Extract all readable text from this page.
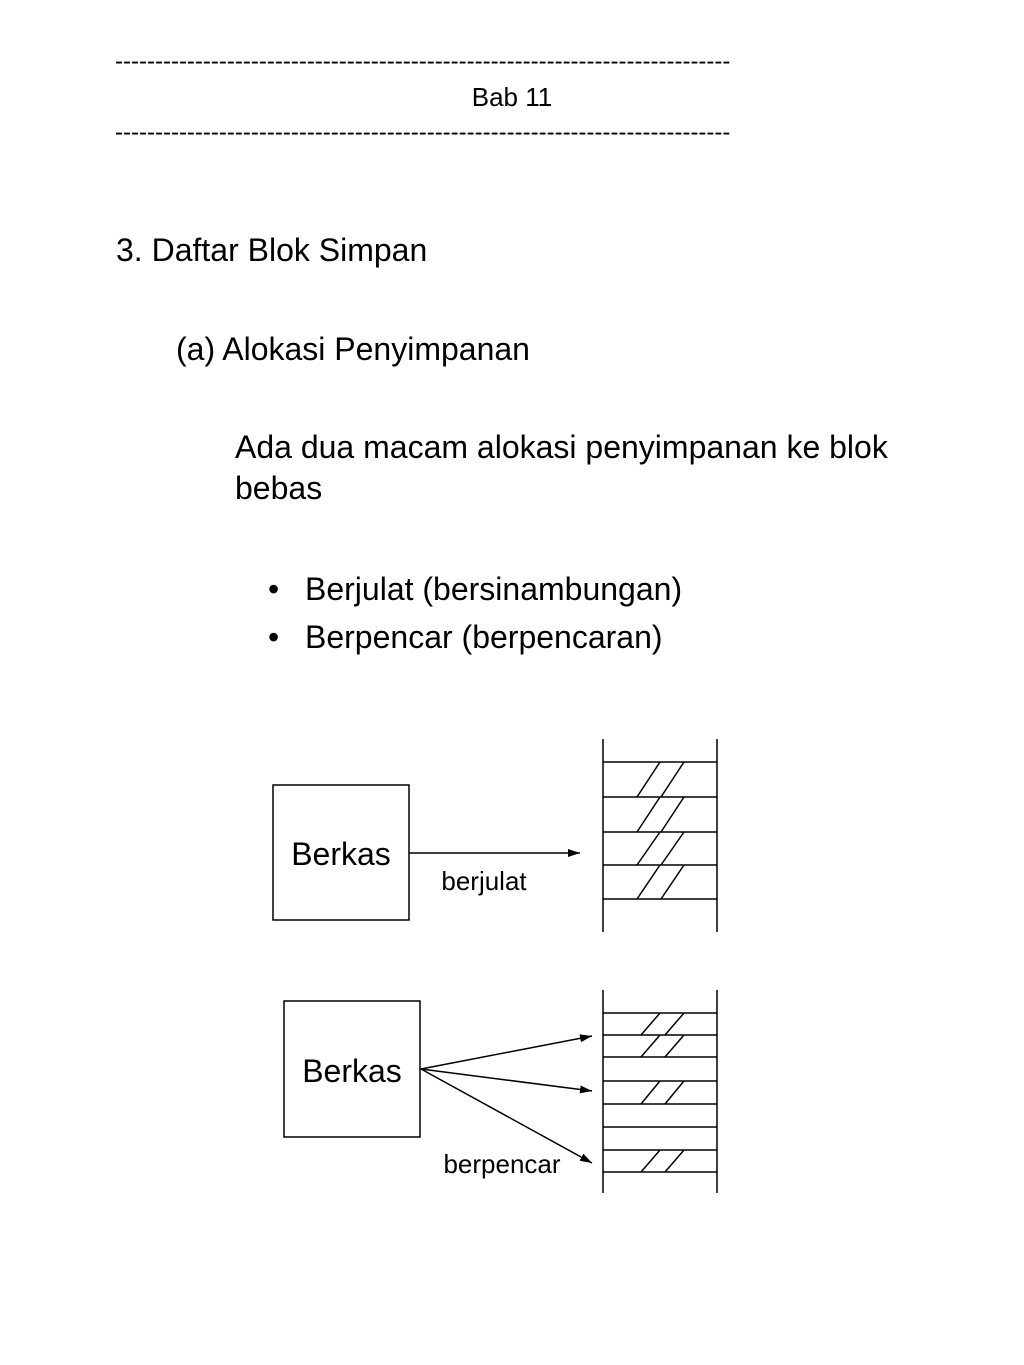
-----------------------------------------------------------------------------
Bab 11
-----------------------------------------------------------------------------
3. Daftar Blok Simpan
(a) Alokasi Penyimpanan
Ada dua macam alokasi penyimpanan ke blok bebas
• Berjulat (bersinambungan)
• Berpencar (berpencaran)
Berkas
berjulat
Berkas
berpencar
